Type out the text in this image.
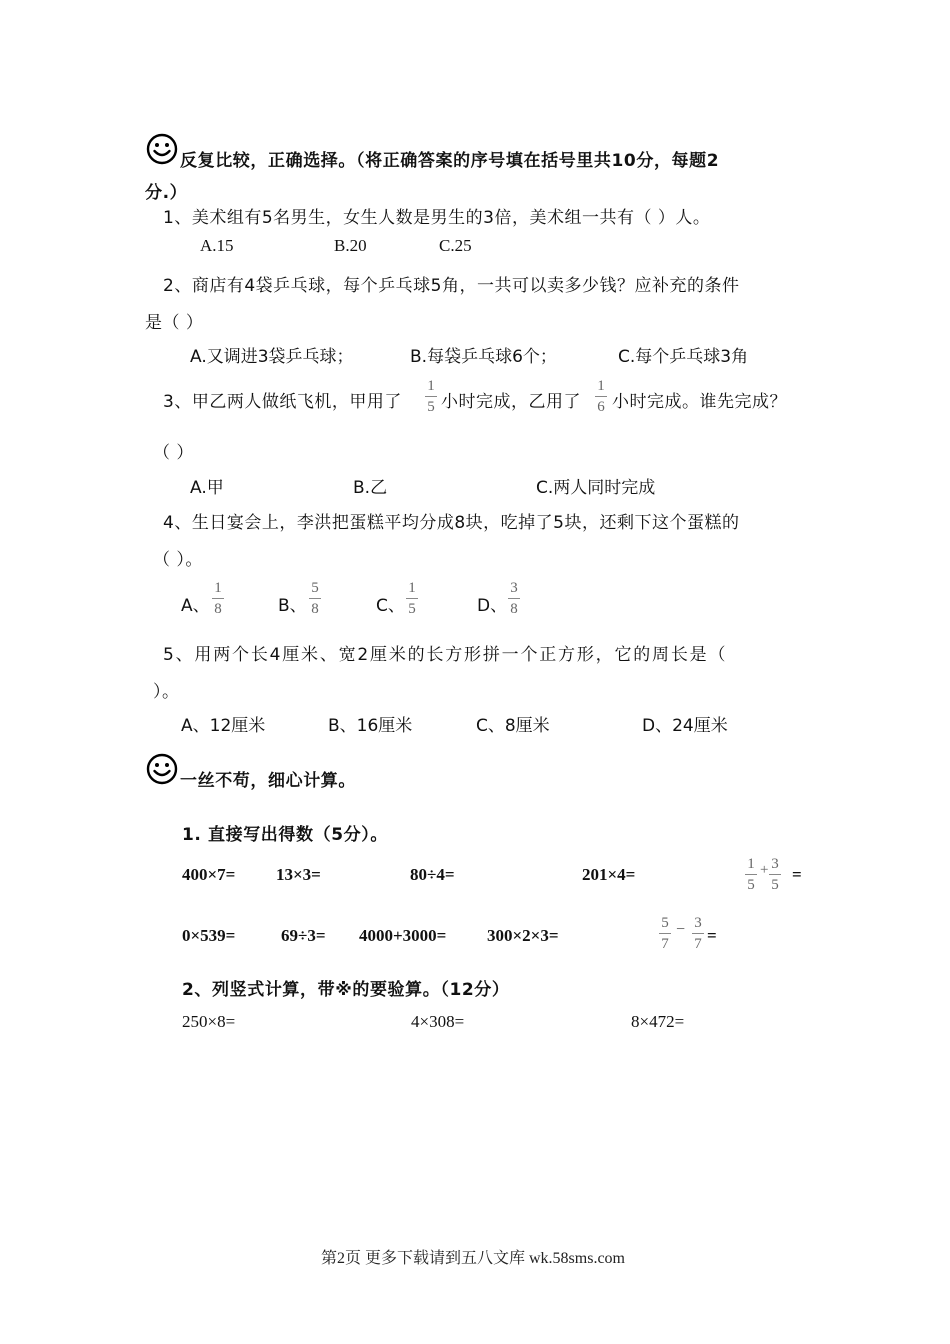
反复比较，正确选择。（将正确答案的序号填在括号里共10分，每题2
分.）
1、美术组有5名男生，女生人数是男生的3倍，美术组一共有（ ）人。
A.15	B.20	C.25
2、商店有4袋乒乓球，每个乒乓球5角，一共可以卖多少钱？应补充的条件
是（ ）
A.又调进3袋乒乓球；	B.每袋乒乓球6个；	C.每个乒乓球3角
3、甲乙两人做纸飞机，甲用了
1
5 小时完成，乙用了
1
6 小时完成。谁先完成？
（ ）
A.甲	B.乙	C.两人同时完成
4、生日宴会上，李洪把蛋糕平均分成8块，吃掉了5块，还剩下这个蛋糕的
（ ）。
A、
1
8	B、
5
8	C、
1
5	D、
3
8
5、用两个长4厘米、宽2厘米的长方形拼一个正方形，它的周长是（
）。
A、12厘米	B、16厘米	C、8厘米	D、24厘米
一丝不苟，细心计算。
1. 直接写出得数（5分）。
400×7= 13×3=	80÷4=	201×4=
1
5
+ 3
5
=
0×539=	69÷3= 4000+3000= 300×2×3=
5
7
− 3
7 =
2、列竖式计算，带※的要验算。（12分）
250×8=	4×308=	8×472=
第2页 更多下载请到五八文库 wk.58sms.com
